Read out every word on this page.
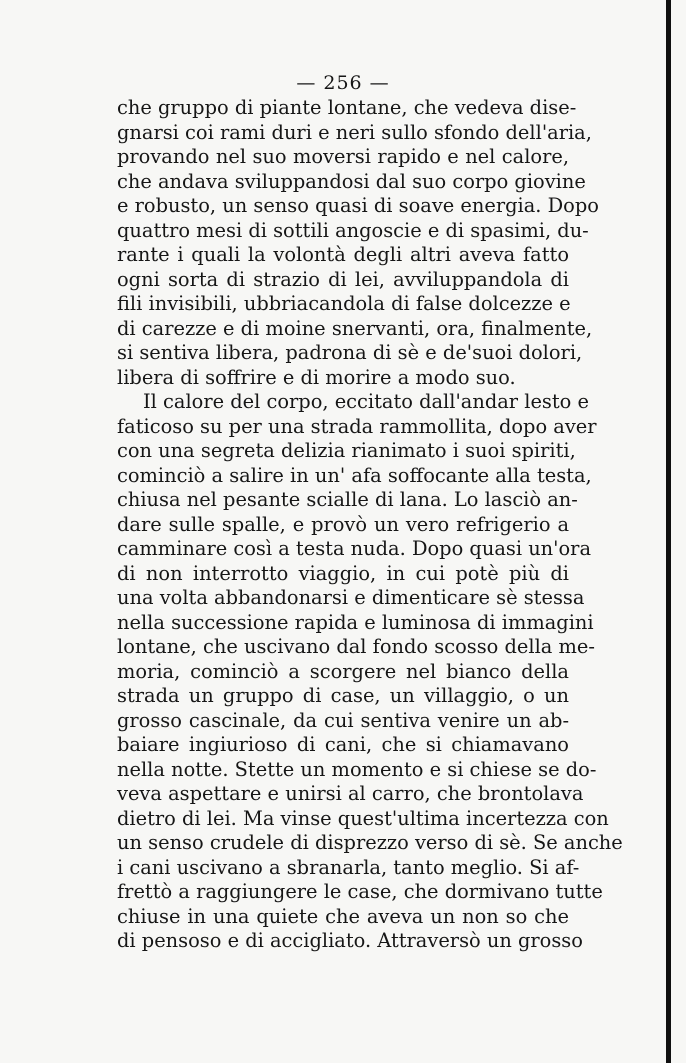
— 256 —
che gruppo di piante lontane, che vedeva dise-
gnarsi coi rami duri e neri sullo sfondo dell'aria,
provando nel suo moversi rapido e nel calore,
che andava sviluppandosi dal suo corpo giovine
e robusto, un senso quasi di soave energia. Dopo
quattro mesi di sottili angoscie e di spasimi, du-
rante i quali la volontà degli altri aveva fatto
ogni sorta di strazio di lei, avviluppandola di
fili invisibili, ubbriacandola di false dolcezze e
di carezze e di moine snervanti, ora, finalmente,
si sentiva libera, padrona di sè e de'suoi dolori,
libera di soffrire e di morire a modo suo.
Il calore del corpo, eccitato dall'andar lesto e
faticoso su per una strada rammollita, dopo aver
con una segreta delizia rianimato i suoi spiriti,
cominciò a salire in un' afa soffocante alla testa,
chiusa nel pesante scialle di lana. Lo lasciò an-
dare sulle spalle, e provò un vero refrigerio a
camminare così a testa nuda. Dopo quasi un'ora
di non interrotto viaggio, in cui potè più di
una volta abbandonarsi e dimenticare sè stessa
nella successione rapida e luminosa di immagini
lontane, che uscivano dal fondo scosso della me-
moria, cominciò a scorgere nel bianco della
strada un gruppo di case, un villaggio, o un
grosso cascinale, da cui sentiva venire un ab-
baiare ingiurioso di cani, che si chiamavano
nella notte. Stette un momento e si chiese se do-
veva aspettare e unirsi al carro, che brontolava
dietro di lei. Ma vinse quest'ultima incertezza con
un senso crudele di disprezzo verso di sè. Se anche
i cani uscivano a sbranarla, tanto meglio. Si af-
frettò a raggiungere le case, che dormivano tutte
chiuse in una quiete che aveva un non so che
di pensoso e di accigliato. Attraversò un grosso
